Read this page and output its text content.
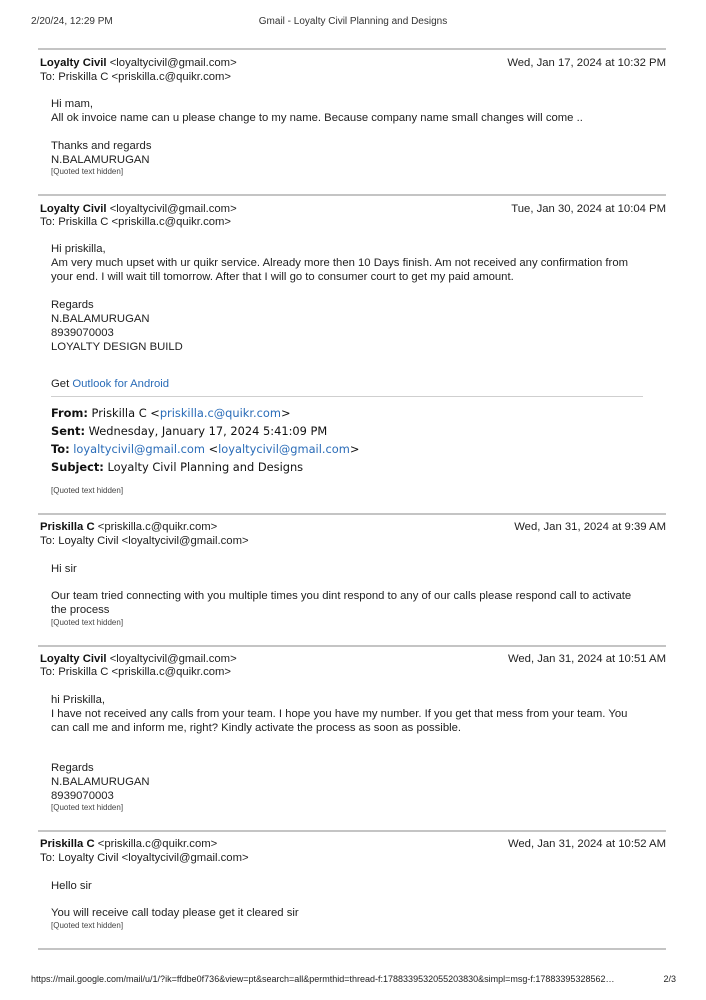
2/20/24, 12:29 PM	Gmail - Loyalty Civil Planning and Designs
Loyalty Civil <loyaltycivil@gmail.com>	Wed, Jan 17, 2024 at 10:32 PM
To: Priskilla C <priskilla.c@quikr.com>
Hi mam,
All ok invoice name can u please change to my name. Because company name small changes will come ..
Thanks and regards
N.BALAMURUGAN
[Quoted text hidden]
Loyalty Civil <loyaltycivil@gmail.com>	Tue, Jan 30, 2024 at 10:04 PM
To: Priskilla C <priskilla.c@quikr.com>
Hi priskilla,
Am very much upset with ur quikr service. Already more then 10 Days finish. Am not received any confirmation from
your end. I will wait till tomorrow. After that I will go to consumer court to get my paid amount.
Regards
N.BALAMURUGAN
8939070003
LOYALTY DESIGN BUILD
Get Outlook for Android
From: Priskilla C <priskilla.c@quikr.com>
Sent: Wednesday, January 17, 2024 5:41:09 PM
To: loyaltycivil@gmail.com <loyaltycivil@gmail.com>
Subject: Loyalty Civil Planning and Designs
[Quoted text hidden]
Priskilla C <priskilla.c@quikr.com>	Wed, Jan 31, 2024 at 9:39 AM
To: Loyalty Civil <loyaltycivil@gmail.com>
Hi sir
Our team tried connecting with you multiple times you dint respond to any of our calls please respond call to activate
the process
[Quoted text hidden]
Loyalty Civil <loyaltycivil@gmail.com>	Wed, Jan 31, 2024 at 10:51 AM
To: Priskilla C <priskilla.c@quikr.com>
hi Priskilla,
I have not received any calls from your team. I hope you have my number. If you get that mess from your team. You
can call me and inform me, right? Kindly activate the process as soon as possible.
Regards
N.BALAMURUGAN
8939070003
[Quoted text hidden]
Priskilla C <priskilla.c@quikr.com>	Wed, Jan 31, 2024 at 10:52 AM
To: Loyalty Civil <loyaltycivil@gmail.com>
Hello sir
You will receive call today please get it cleared sir
[Quoted text hidden]
https://mail.google.com/mail/u/1/?ik=ffdbe0f736&view=pt&search=all&permthid=thread-f:1788339532055203830&simpl=msg-f:17883395328562…	2/3
